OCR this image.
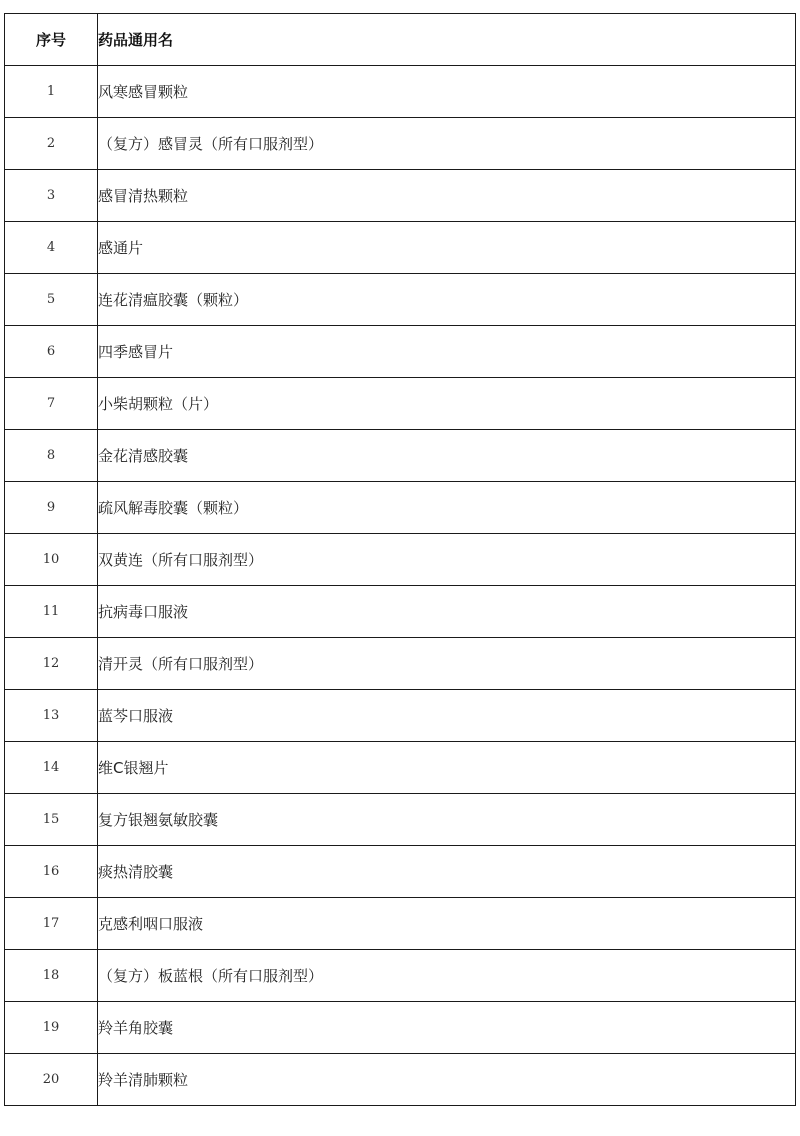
序号	药品通用名
1	风寒感冒颗粒
2	（复方）感冒灵（所有口服剂型）
3	感冒清热颗粒
4	感通片
5	连花清瘟胶囊（颗粒）
6	四季感冒片
7	小柴胡颗粒（片）
8	金花清感胶囊
9	疏风解毒胶囊（颗粒）
10	双黄连（所有口服剂型）
11	抗病毒口服液
12	清开灵（所有口服剂型）
13	蓝芩口服液
14	维C银翘片
15	复方银翘氨敏胶囊
16	痰热清胶囊
17	克感利咽口服液
18	（复方）板蓝根（所有口服剂型）
19	羚羊角胶囊
20	羚羊清肺颗粒
